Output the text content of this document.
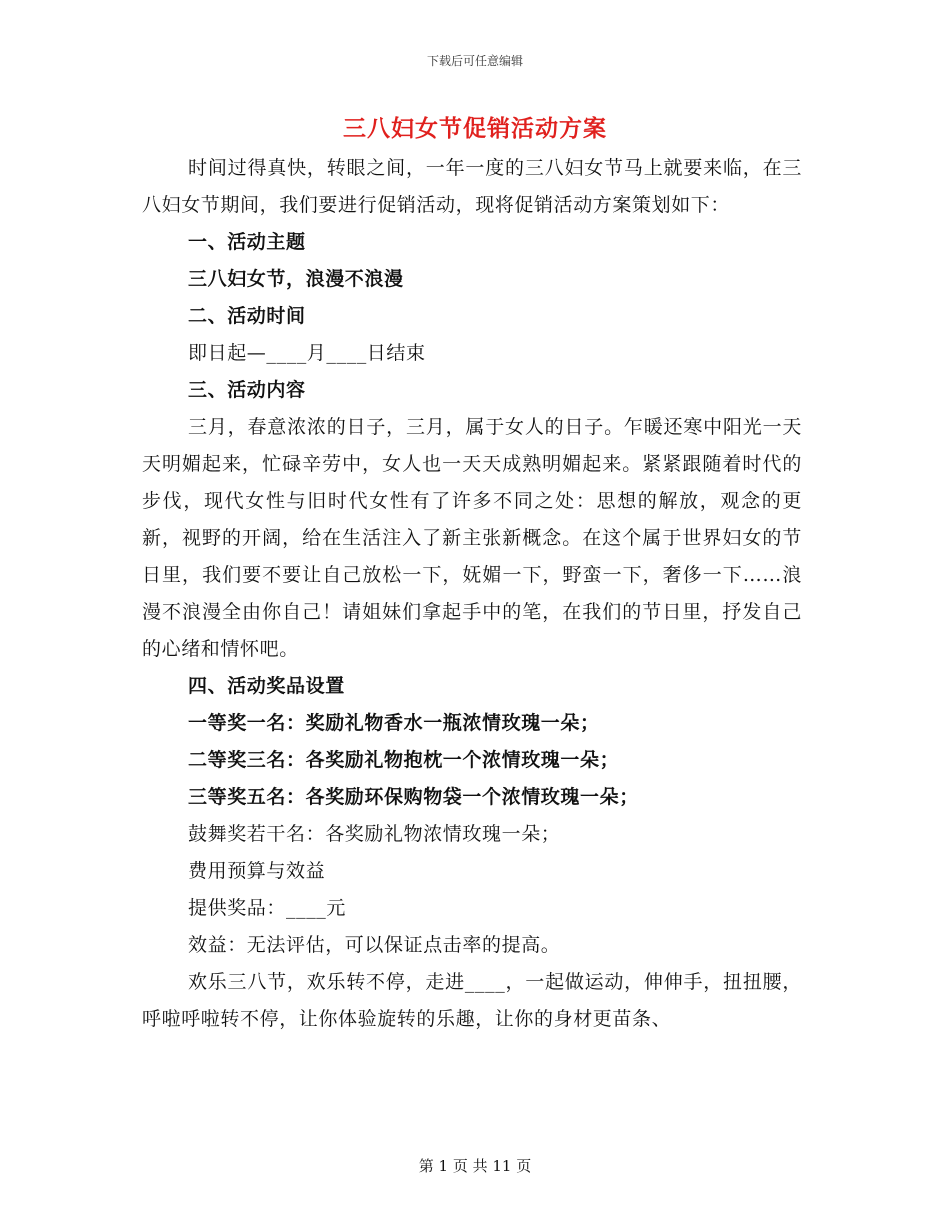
下载后可任意编辑
三八妇女节促销活动方案

时间过得真快，转眼之间，一年一度的三八妇女节马上就要来临，在三八妇女节期间，我们要进行促销活动，现将促销活动方案策划如下：

一、活动主题

三八妇女节，浪漫不浪漫

二、活动时间

即日起—____月____日结束

三、活动内容

三月，春意浓浓的日子，三月，属于女人的日子。乍暖还寒中阳光一天天明媚起来，忙碌辛劳中，女人也一天天成熟明媚起来。紧紧跟随着时代的步伐，现代女性与旧时代女性有了许多不同之处：思想的解放，观念的更新，视野的开阔，给在生活注入了新主张新概念。在这个属于世界妇女的节日里，我们要不要让自己放松一下，妩媚一下，野蛮一下，奢侈一下……浪漫不浪漫全由你自己！请姐妹们拿起手中的笔，在我们的节日里，抒发自己的心绪和情怀吧。

四、活动奖品设置

一等奖一名：奖励礼物香水一瓶浓情玫瑰一朵；

二等奖三名：各奖励礼物抱枕一个浓情玫瑰一朵；

三等奖五名：各奖励环保购物袋一个浓情玫瑰一朵；

鼓舞奖若干名：各奖励礼物浓情玫瑰一朵；

费用预算与效益

提供奖品：____元

效益：无法评估，可以保证点击率的提高。

欢乐三八节，欢乐转不停，走进____，一起做运动，伸伸手，扭扭腰，呼啦呼啦转不停，让你体验旋转的乐趣，让你的身材更苗条、

第 1 页 共 11 页
